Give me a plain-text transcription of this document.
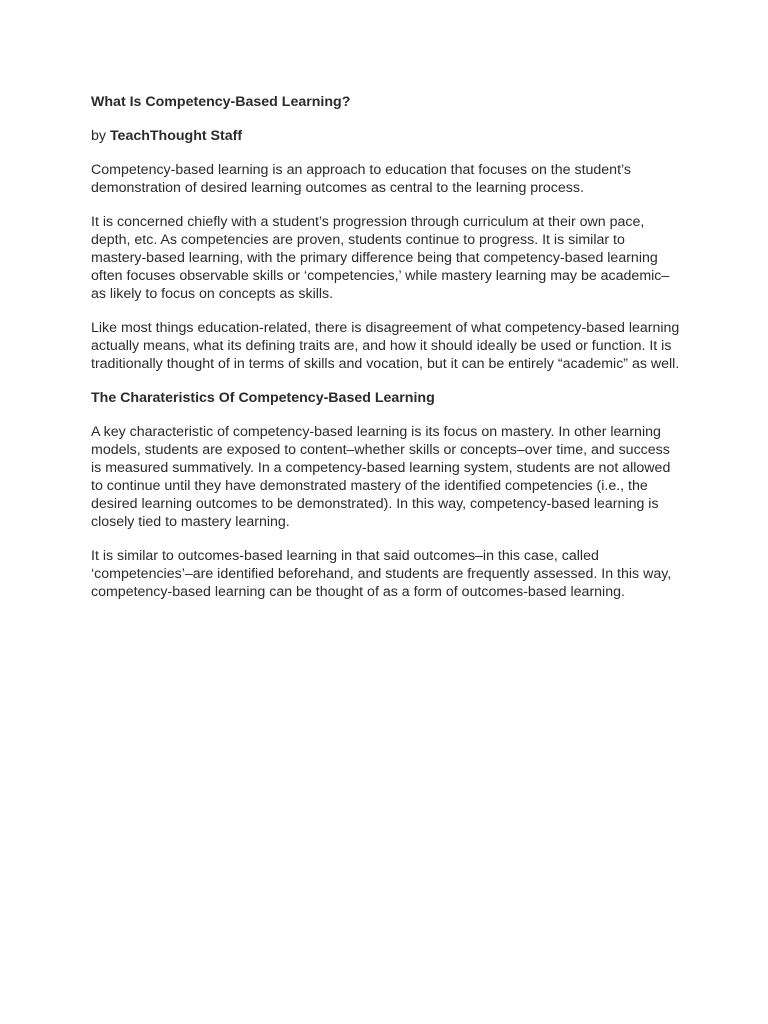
What Is Competency-Based Learning?

by TeachThought Staff

Competency-based learning is an approach to education that focuses on the student’s demonstration of desired learning outcomes as central to the learning process.

It is concerned chiefly with a student’s progression through curriculum at their own pace, depth, etc. As competencies are proven, students continue to progress. It is similar to mastery-based learning, with the primary difference being that competency-based learning often focuses observable skills or ‘competencies,’ while mastery learning may be academic–as likely to focus on concepts as skills.

Like most things education-related, there is disagreement of what competency-based learning actually means, what its defining traits are, and how it should ideally be used or function. It is traditionally thought of in terms of skills and vocation, but it can be entirely “academic” as well.

The Charateristics Of Competency-Based Learning

A key characteristic of competency-based learning is its focus on mastery. In other learning models, students are exposed to content–whether skills or concepts–over time, and success is measured summatively. In a competency-based learning system, students are not allowed to continue until they have demonstrated mastery of the identified competencies (i.e., the desired learning outcomes to be demonstrated). In this way, competency-based learning is closely tied to mastery learning.

It is similar to outcomes-based learning in that said outcomes–in this case, called ‘competencies’–are identified beforehand, and students are frequently assessed. In this way, competency-based learning can be thought of as a form of outcomes-based learning.
